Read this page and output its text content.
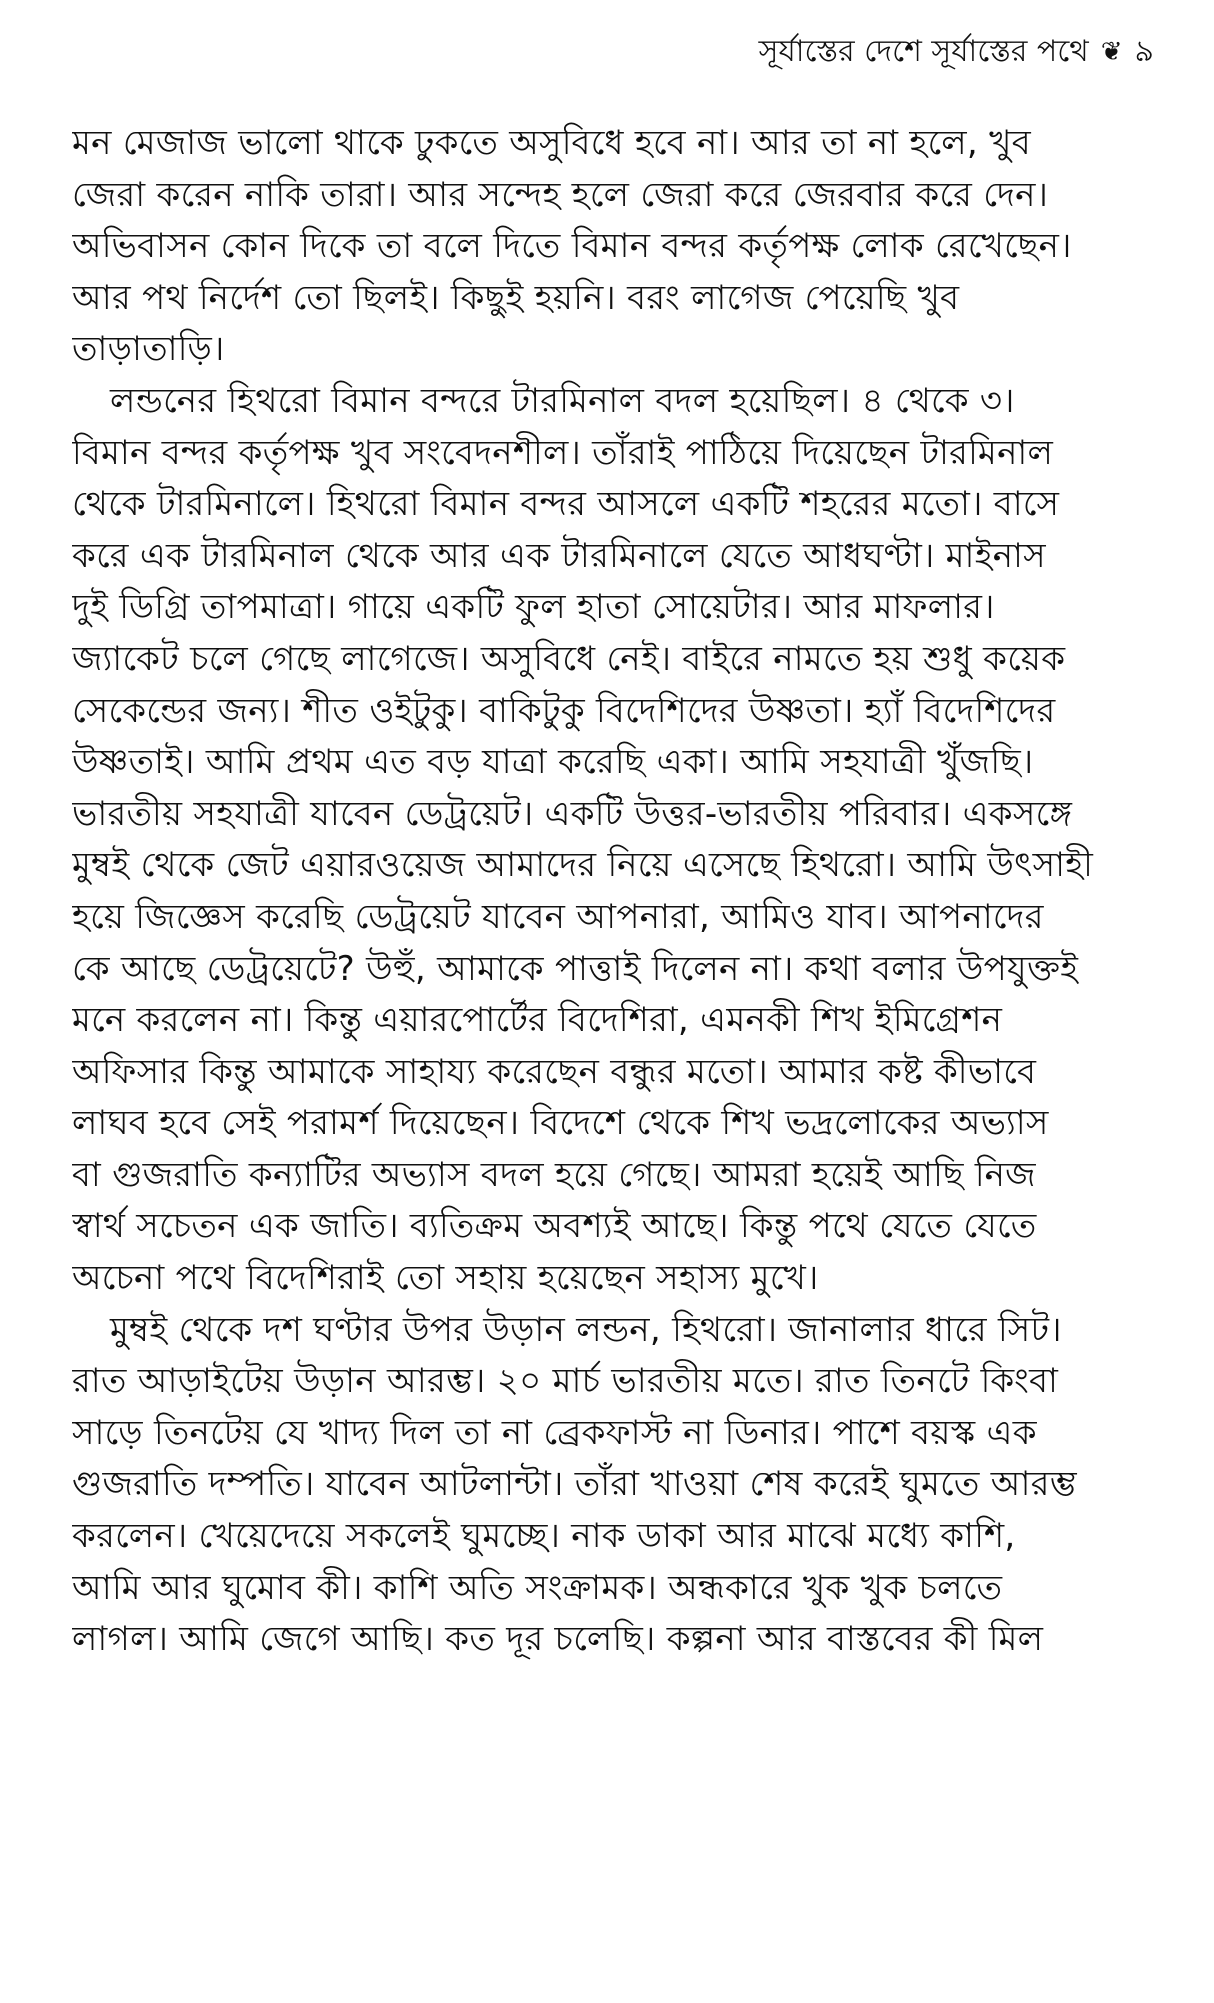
সূর্যাস্তের দেশে সূর্যাস্তের পথে ❦ ৯
মন মেজাজ ভালো থাকে ঢুকতে অসুবিধে হবে না। আর তা না হলে, খুব
জেরা করেন নাকি তারা। আর সন্দেহ হলে জেরা করে জেরবার করে দেন।
অভিবাসন কোন দিকে তা বলে দিতে বিমান বন্দর কর্তৃপক্ষ লোক রেখেছেন।
আর পথ নির্দেশ তো ছিলই। কিছুই হয়নি। বরং লাগেজ পেয়েছি খুব
তাড়াতাড়ি।
লন্ডনের হিথরো বিমান বন্দরে টারমিনাল বদল হয়েছিল। ৪ থেকে ৩।
বিমান বন্দর কর্তৃপক্ষ খুব সংবেদনশীল। তাঁরাই পাঠিয়ে দিয়েছেন টারমিনাল
থেকে টারমিনালে। হিথরো বিমান বন্দর আসলে একটি শহরের মতো। বাসে
করে এক টারমিনাল থেকে আর এক টারমিনালে যেতে আধঘণ্টা। মাইনাস
দুই ডিগ্রি তাপমাত্রা। গায়ে একটি ফুল হাতা সোয়েটার। আর মাফলার।
জ্যাকেট চলে গেছে লাগেজে। অসুবিধে নেই। বাইরে নামতে হয় শুধু কয়েক
সেকেন্ডের জন্য। শীত ওইটুকু। বাকিটুকু বিদেশিদের উষ্ণতা। হ্যাঁ বিদেশিদের
উষ্ণতাই। আমি প্রথম এত বড় যাত্রা করেছি একা। আমি সহযাত্রী খুঁজছি।
ভারতীয় সহযাত্রী যাবেন ডেট্রয়েট। একটি উত্তর-ভারতীয় পরিবার। একসঙ্গে
মুম্বই থেকে জেট এয়ারওয়েজ আমাদের নিয়ে এসেছে হিথরো। আমি উৎসাহী
হয়ে জিজ্ঞেস করেছি ডেট্রয়েট যাবেন আপনারা, আমিও যাব। আপনাদের
কে আছে ডেট্রয়েটে? উহুঁ, আমাকে পাত্তাই দিলেন না। কথা বলার উপযুক্তই
মনে করলেন না। কিন্তু এয়ারপোর্টের বিদেশিরা, এমনকী শিখ ইমিগ্রেশন
অফিসার কিন্তু আমাকে সাহায্য করেছেন বন্ধুর মতো। আমার কষ্ট কীভাবে
লাঘব হবে সেই পরামর্শ দিয়েছেন। বিদেশে থেকে শিখ ভদ্রলোকের অভ্যাস
বা গুজরাতি কন্যাটির অভ্যাস বদল হয়ে গেছে। আমরা হয়েই আছি নিজ
স্বার্থ সচেতন এক জাতি। ব্যতিক্রম অবশ্যই আছে। কিন্তু পথে যেতে যেতে
অচেনা পথে বিদেশিরাই তো সহায় হয়েছেন সহাস্য মুখে।
মুম্বই থেকে দশ ঘণ্টার উপর উড়ান লন্ডন, হিথরো। জানালার ধারে সিট।
রাত আড়াইটেয় উড়ান আরম্ভ। ২০ মার্চ ভারতীয় মতে। রাত তিনটে কিংবা
সাড়ে তিনটেয় যে খাদ্য দিল তা না ব্রেকফাস্ট না ডিনার। পাশে বয়স্ক এক
গুজরাতি দম্পতি। যাবেন আটলান্টা। তাঁরা খাওয়া শেষ করেই ঘুমতে আরম্ভ
করলেন। খেয়েদেয়ে সকলেই ঘুমচ্ছে। নাক ডাকা আর মাঝে মধ্যে কাশি,
আমি আর ঘুমোব কী। কাশি অতি সংক্রামক। অন্ধকারে খুক খুক চলতে
লাগল। আমি জেগে আছি। কত দূর চলেছি। কল্পনা আর বাস্তবের কী মিল
